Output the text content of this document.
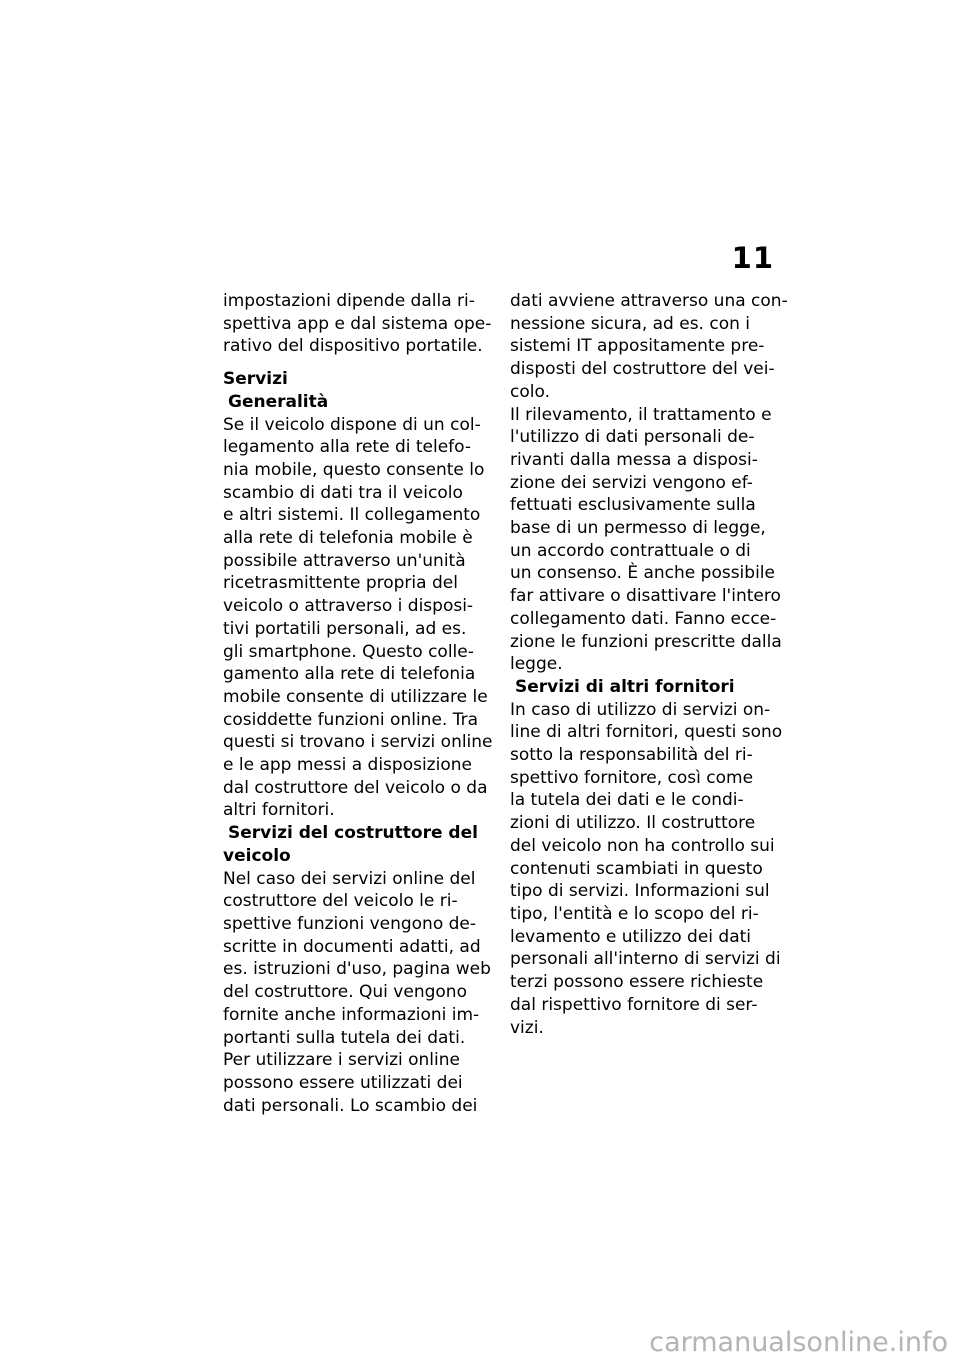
11
impostazioni dipende dalla ri-
spettiva app e dal sistema ope-
rativo del dispositivo portatile.
Servizi
Generalità
Se il veicolo dispone di un col-
legamento alla rete di telefo-
nia mobile, questo consente lo
scambio di dati tra il veicolo
e altri sistemi. Il collegamento
alla rete di telefonia mobile è
possibile attraverso un'unità
ricetrasmittente propria del
veicolo o attraverso i disposi-
tivi portatili personali, ad es.
gli smartphone. Questo colle-
gamento alla rete di telefonia
mobile consente di utilizzare le
cosiddette funzioni online. Tra
questi si trovano i servizi online
e le app messi a disposizione
dal costruttore del veicolo o da
altri fornitori.
Servizi del costruttore del
veicolo
Nel caso dei servizi online del
costruttore del veicolo le ri-
spettive funzioni vengono de-
scritte in documenti adatti, ad
es. istruzioni d'uso, pagina web
del costruttore. Qui vengono
fornite anche informazioni im-
portanti sulla tutela dei dati.
Per utilizzare i servizi online
possono essere utilizzati dei
dati personali. Lo scambio dei
dati avviene attraverso una con-
nessione sicura, ad es. con i
sistemi IT appositamente pre-
disposti del costruttore del vei-
colo.
Il rilevamento, il trattamento e
l'utilizzo di dati personali de-
rivanti dalla messa a disposi-
zione dei servizi vengono ef-
fettuati esclusivamente sulla
base di un permesso di legge,
un accordo contrattuale o di
un consenso. È anche possibile
far attivare o disattivare l'intero
collegamento dati. Fanno ecce-
zione le funzioni prescritte dalla
legge.
Servizi di altri fornitori
In caso di utilizzo di servizi on-
line di altri fornitori, questi sono
sotto la responsabilità del ri-
spettivo fornitore, così come
la tutela dei dati e le condi-
zioni di utilizzo. Il costruttore
del veicolo non ha controllo sui
contenuti scambiati in questo
tipo di servizi. Informazioni sul
tipo, l'entità e lo scopo del ri-
levamento e utilizzo dei dati
personali all'interno di servizi di
terzi possono essere richieste
dal rispettivo fornitore di ser-
vizi.
carmanualsonline.info
